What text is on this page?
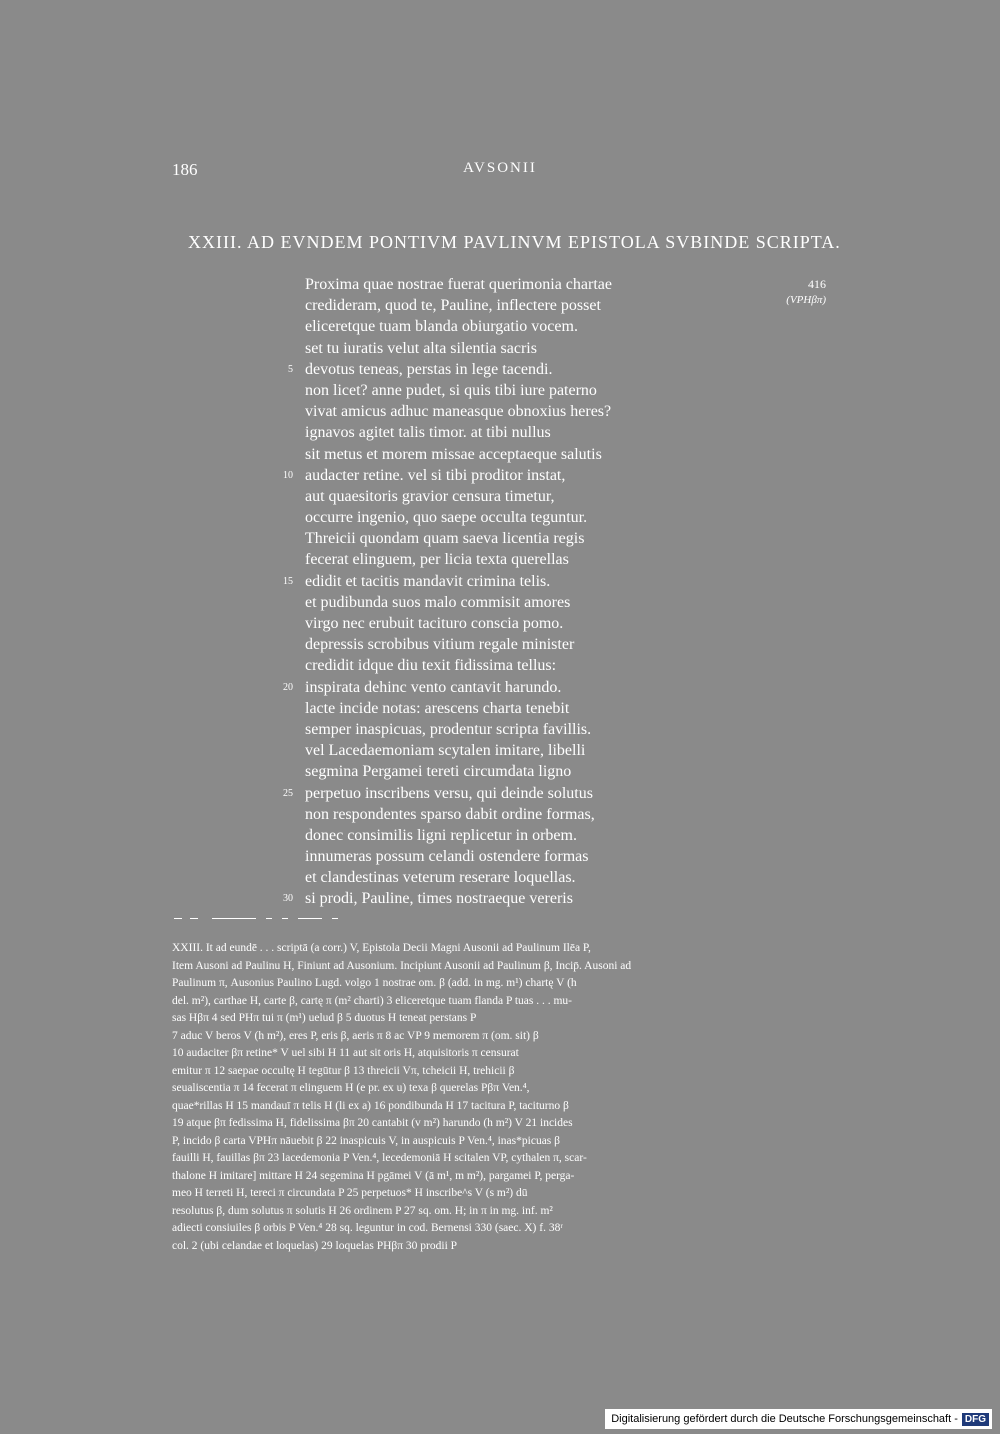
186	AVSONII
XXIII. AD EVNDEM PONTIVM PAVLINVM EPISTOLA SVBINDE SCRIPTA.
416
(VPHβπ)
Proxima quae nostrae fuerat querimonia chartae
credideram, quod te, Pauline, inflectere posset
eliceretque tuam blanda obiurgatio vocem.
set tu iuratis velut alta silentia sacris
5 devotus teneas, perstas in lege tacendi.
non licet? anne pudet, si quis tibi iure paterno
vivat amicus adhuc maneasque obnoxius heres?
ignavos agitet talis timor. at tibi nullus
sit metus et morem missae acceptaeque salutis
10 audacter retine. vel si tibi proditor instat,
aut quaesitoris gravior censura timetur,
occurre ingenio, quo saepe occulta teguntur.
Threicii quondam quam saeva licentia regis
fecerat elinguem, per licia texta querellas
15 edidit et tacitis mandavit crimina telis.
et pudibunda suos malo commisit amores
virgo nec erubuit tacituro conscia pomo.
depressis scrobibus vitium regale minister
credidit idque diu texit fidissima tellus:
20 inspirata dehinc vento cantavit harundo.
lacte incide notas: arescens charta tenebit
semper inaspicuas, prodentur scripta favillis.
vel Lacedaemoniam scytalen imitare, libelli
segmina Pergamei tereti circumdata ligno
25 perpetuo inscribens versu, qui deinde solutus
non respondentes sparso dabit ordine formas,
donec consimilis ligni replicetur in orbem.
innumeras possum celandi ostendere formas
et clandestinas veterum reserare loquellas.
30 si prodi, Pauline, times nostraeque vereris

XXIII. It ad eundē . . . scriptā (a corr.) V, Epistola Decii Magni Ausonii ad Paulinum Ilēa P,

Item Ausoni ad Paulinu H, Finiunt ad Ausonium. Incipiunt Ausonii ad Paulinum β, Incip̄. Ausoni ad

Paulinum π, Ausonius Paulino Lugd. volgo 1 nostrae om. β (add. in mg. m¹) chartę V (h

del. m²), carthae H, carte β, cartę π (m² charti) 3 eliceretque tuam flanda P tuas . . . mu-

sas Hβπ 4 sed PHπ tui π (m¹) uelud β 5 duotus H teneat perstans P

7 aduc V beros V (h m²), eres P, eris β, aeris π 8 ac VP 9 memorem π (om. sit) β

10 audaciter βπ retine* V uel sibi H 11 aut sit oris H, atquisitoris π censurat

emitur π 12 saepae occultę H tegūtur β 13 threicii Vπ, tcheicii H, trehicii β

seualiscentia π 14 fecerat π elinguem H (e pr. ex u) texa β querelas Pβπ Ven.⁴,

quae*rillas H 15 mandauī π telis H (li ex a) 16 pondibunda H 17 tacitura P, taciturno β

19 atque βπ fedissima H, fidelissima βπ 20 cantabit (v m²) harundo (h m²) V 21 incides

P, incido β carta VPHπ nāuebit β 22 inaspicuis V, in auspicuis P Ven.⁴, inas*picuas β

fauilli H, fauillas βπ 23 lacedemonia P Ven.⁴, lecedemoniā H scitalen VP, cythalen π, scar-

thalone H imitare] mittare H 24 segemina H pgāmei V (ā m¹, m m²), pargamei P, perga-

meo H terreti H, tereci π circundata P 25 perpetuos* H inscribe^s V (s m²) dū

resolutus β, dum solutus π solutis H 26 ordinem P 27 sq. om. H; in π in mg. inf. m²

adiecti consiuiles β orbis P Ven.⁴ 28 sq. leguntur in cod. Bernensi 330 (saec. X) f. 38ʳ

col. 2 (ubi celandae et loquelas) 29 loquelas PHβπ 30 prodii P

Digitalisierung gefördert durch die Deutsche Forschungsgemeinschaft - DFG
